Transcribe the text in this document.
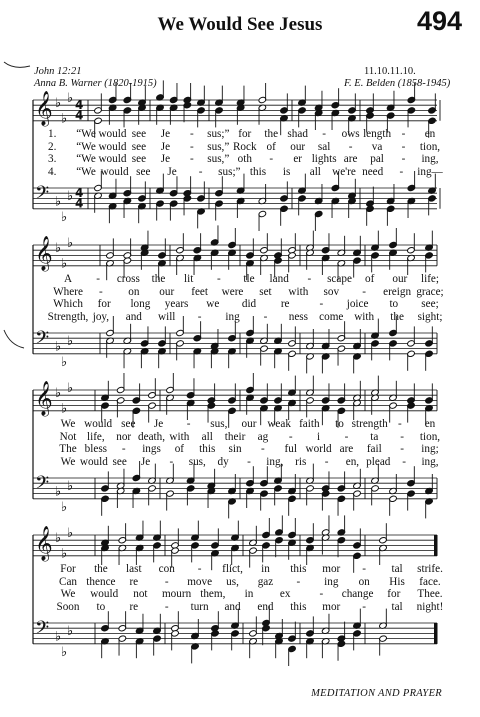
We Would See Jesus	494
John 12:21
Anna B. Warner (1820-1915)
11.10.11.10.
F. E. Belden (1858-1945)
𝄞 ♭
♭
♭ 4
4
𝄢 ♭
♭
♭ 4
4
𝄞 ♭
♭
♭
𝄢 ♭
♭
♭
𝄞 ♭
♭
♭
𝄢 ♭
♭
♭
𝄞 ♭
♭
♭
𝄢 ♭
♭
♭
1. “We would see Je - sus;” for the shad - ows length - en
2. “We would see Je - sus,” Rock of our sal - va - tion,
3. “We would see Je - sus,” oth - er lights are pal - ing,
4. “We would see Je - sus;” this is all we're need - ing—
A - cross the lit - tle land - scape of our life;
Where - on our feet were set with sov - ereign grace;
Which for long years we did re	- joice to see;
Strength, joy, and will - ing - ness come with the sight;
We would see Je - sus, our weak faith to strength - en
Not life, nor death, with all their ag - i - ta - tion,
The bless - ings of this sin - ful world are fail - ing;
We would see Je - sus, dy - ing, ris - en, plead - ing,
For the last con - flict, in this mor - tal strife.
Can thence re - move us, gaz - ing on His face.
We would not mourn them, in ex	- change for Thee.
Soon to re - turn and end this mor - tal night!
MEDITATION AND PRAYER
